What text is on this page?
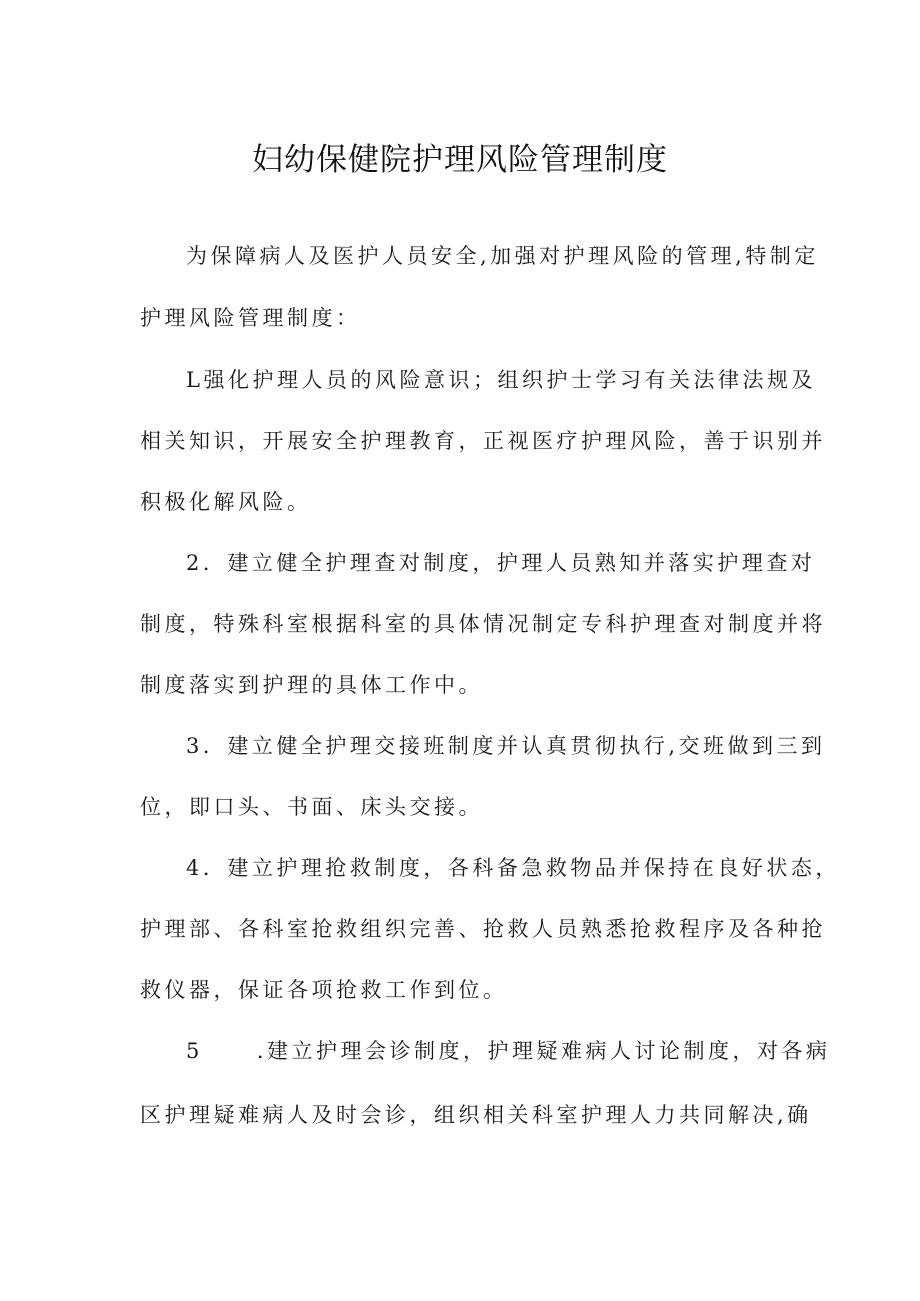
妇幼保健院护理风险管理制度
为保障病人及医护人员安全,加强对护理风险的管理,特制定
护理风险管理制度：
L强化护理人员的风险意识；组织护士学习有关法律法规及
相关知识，开展安全护理教育，正视医疗护理风险，善于识别并
积极化解风险。
2．建立健全护理查对制度，护理人员熟知并落实护理查对
制度，特殊科室根据科室的具体情况制定专科护理查对制度并将
制度落实到护理的具体工作中。
3．建立健全护理交接班制度并认真贯彻执行,交班做到三到
位，即口头、书面、床头交接。
4．建立护理抢救制度，各科备急救物品并保持在良好状态，
护理部、各科室抢救组织完善、抢救人员熟悉抢救程序及各种抢
救仪器，保证各项抢救工作到位。
5	.建立护理会诊制度，护理疑难病人讨论制度，对各病
区护理疑难病人及时会诊，组织相关科室护理人力共同解决,确
